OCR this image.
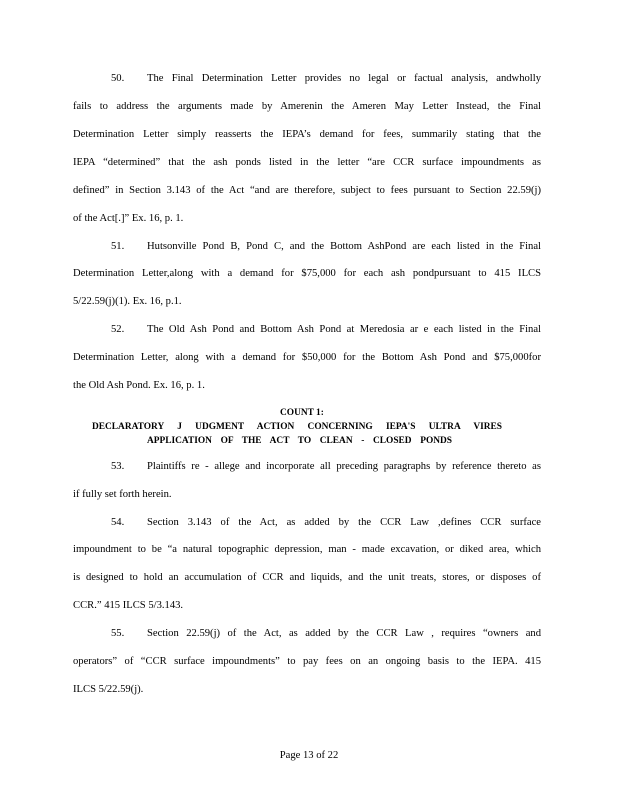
50. The Final Determination Letter provides no legal or factual analysis, andwholly
fails to address the arguments made by Amerenin the Ameren May Letter Instead, the Final
Determination Letter simply reasserts the IEPA’s demand for fees, summarily stating that the
IEPA “determined” that the ash ponds listed in the letter “are CCR surface impoundments as
defined” in Section 3.143 of the Act “and are therefore, subject to fees pursuant to Section 22.59(j)
of the Act[.]” Ex. 16, p. 1.
51. Hutsonville Pond B, Pond C, and the Bottom AshPond are each listed in the Final
Determination Letter,along with a demand for $75,000 for each ash pondpursuant to 415 ILCS
5/22.59(j)(1). Ex. 16, p.1.
52. The Old Ash Pond and Bottom Ash Pond at Meredosia ar e each listed in the Final
Determination Letter, along with a demand for $50,000 for the Bottom Ash Pond and $75,000for
the Old Ash Pond. Ex. 16, p. 1.
COUNT 1:
DECLARATORY J UDGMENT ACTION CONCERNING IEPA'S ULTRA VIRES
APPLICATION OF THE ACT TO CLEAN - CLOSED PONDS
53. Plaintiffs re - allege and incorporate all preceding paragraphs by reference thereto as
if fully set forth herein.
54. Section 3.143 of the Act, as added by the CCR Law ,defines CCR surface
impoundment to be “a natural topographic depression, man - made excavation, or diked area, which
is designed to hold an accumulation of CCR and liquids, and the unit treats, stores, or disposes of
CCR.” 415 ILCS 5/3.143.
55. Section 22.59(j) of the Act, as added by the CCR Law , requires “owners and
operators” of “CCR surface impoundments” to pay fees on an ongoing basis to the IEPA. 415
ILCS 5/22.59(j).
Page 13 of 22
